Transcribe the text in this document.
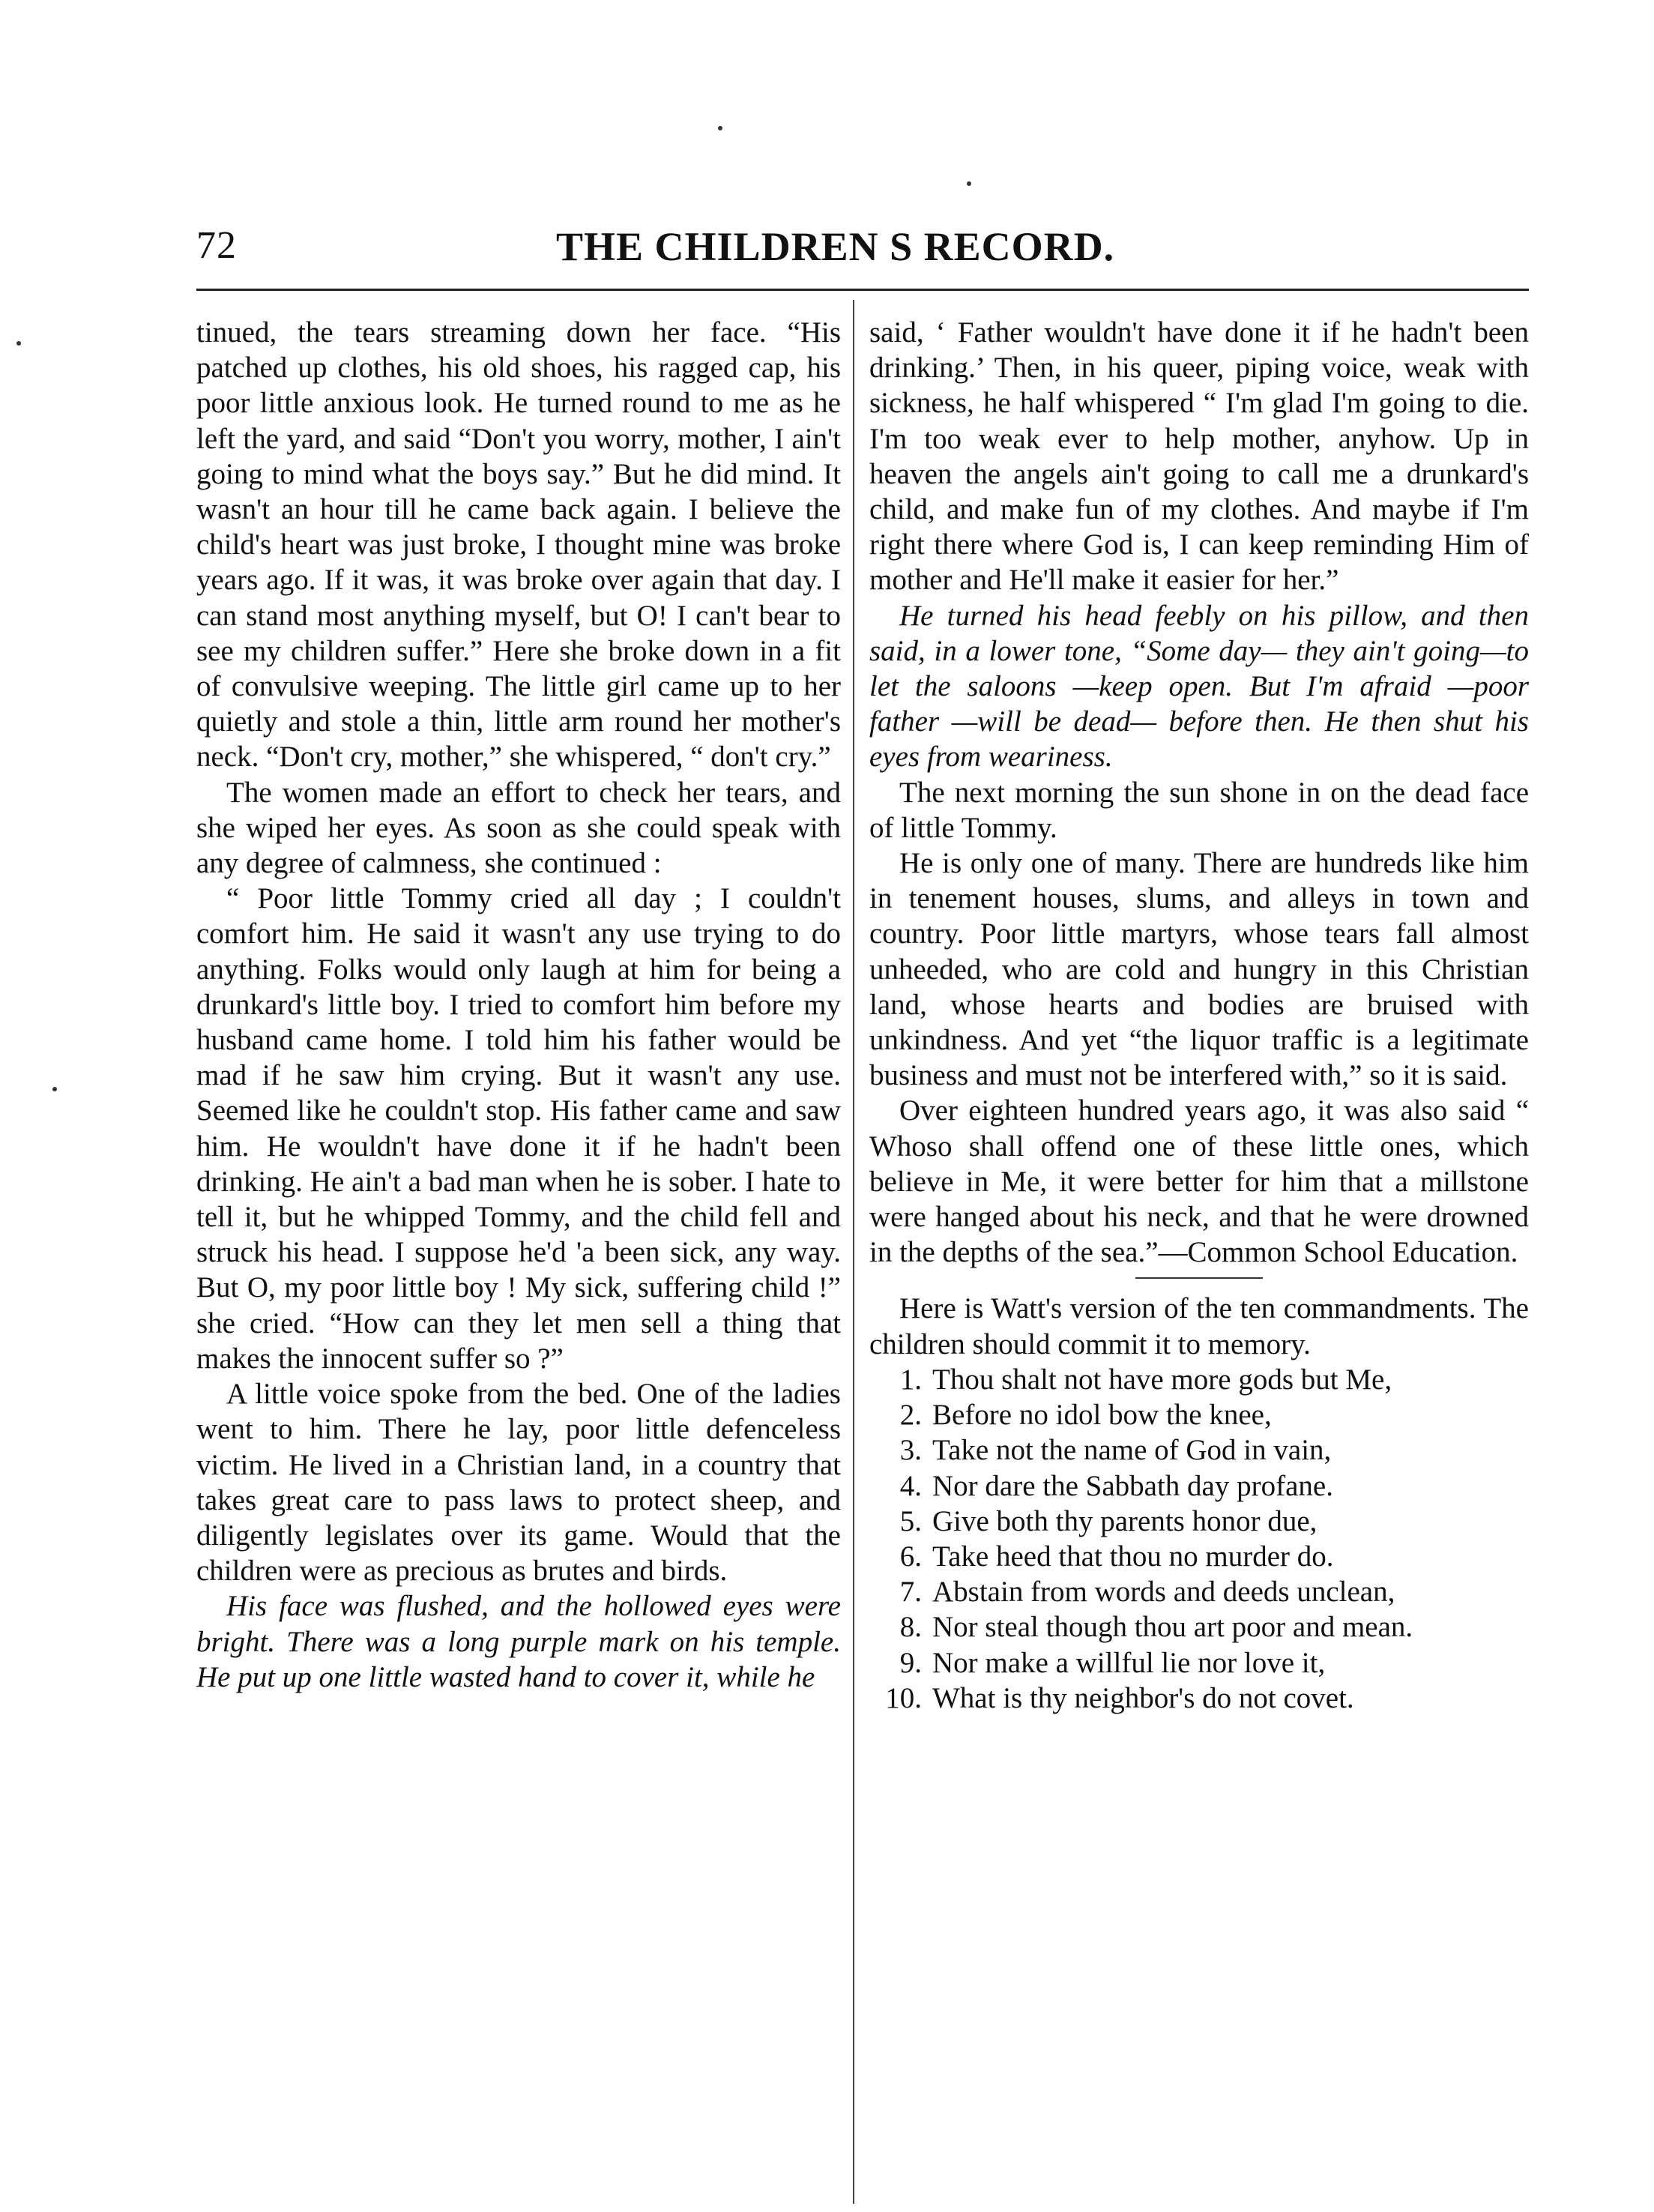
72	THE CHILDREN S RECORD.

tinued, the tears streaming down her face. “His patched up clothes, his old shoes, his ragged cap, his poor little anxious look. He turned round to me as he left the yard, and said “Don't you worry, mother, I ain't going to mind what the boys say.” But he did mind. It wasn't an hour till he came back again. I believe the child's heart was just broke, I thought mine was broke years ago. If it was, it was broke over again that day. I can stand most anything myself, but O! I can't bear to see my children suffer.” Here she broke down in a fit of convulsive weeping. The little girl came up to her quietly and stole a thin, little arm round her mother's neck. “Don't cry, mother,” she whispered, “ don't cry.”

The women made an effort to check her tears, and she wiped her eyes. As soon as she could speak with any degree of calmness, she continued :

“ Poor little Tommy cried all day ; I couldn't comfort him. He said it wasn't any use trying to do anything. Folks would only laugh at him for being a drunkard's little boy. I tried to comfort him before my husband came home. I told him his father would be mad if he saw him crying. But it wasn't any use. Seemed like he couldn't stop. His father came and saw him. He wouldn't have done it if he hadn't been drinking. He ain't a bad man when he is sober. I hate to tell it, but he whipped Tommy, and the child fell and struck his head. I suppose he'd 'a been sick, any way. But O, my poor little boy ! My sick, suffering child !” she cried. “How can they let men sell a thing that makes the innocent suffer so ?”

A little voice spoke from the bed. One of the ladies went to him. There he lay, poor little defenceless victim. He lived in a Christian land, in a country that takes great care to pass laws to protect sheep, and diligently legislates over its game. Would that the children were as precious as brutes and birds.

His face was flushed, and the hollowed eyes were bright. There was a long purple mark on his temple. He put up one little wasted hand to cover it, while he

said, ‘ Father wouldn't have done it if he hadn't been drinking.’ Then, in his queer, piping voice, weak with sickness, he half whispered “ I'm glad I'm going to die. I'm too weak ever to help mother, anyhow. Up in heaven the angels ain't going to call me a drunkard's child, and make fun of my clothes. And maybe if I'm right there where God is, I can keep reminding Him of mother and He'll make it easier for her.”

He turned his head feebly on his pillow, and then said, in a lower tone, “Some day— they ain't going—to let the saloons —keep open. But I'm afraid —poor father —will be dead— before then. He then shut his eyes from weariness.

The next morning the sun shone in on the dead face of little Tommy.

He is only one of many. There are hundreds like him in tenement houses, slums, and alleys in town and country. Poor little martyrs, whose tears fall almost unheeded, who are cold and hungry in this Christian land, whose hearts and bodies are bruised with unkindness. And yet “the liquor traffic is a legitimate business and must not be interfered with,” so it is said.

Over eighteen hundred years ago, it was also said “ Whoso shall offend one of these little ones, which believe in Me, it were better for him that a millstone were hanged about his neck, and that he were drowned in the depths of the sea.”—Common School Education.

Here is Watt's version of the ten commandments. The children should commit it to memory.

1. Thou shalt not have more gods but Me,
2. Before no idol bow the knee,
3. Take not the name of God in vain,
4. Nor dare the Sabbath day profane.
5. Give both thy parents honor due,
6. Take heed that thou no murder do.
7. Abstain from words and deeds unclean,
8. Nor steal though thou art poor and mean.
9. Nor make a willful lie nor love it,
10. What is thy neighbor's do not covet.
